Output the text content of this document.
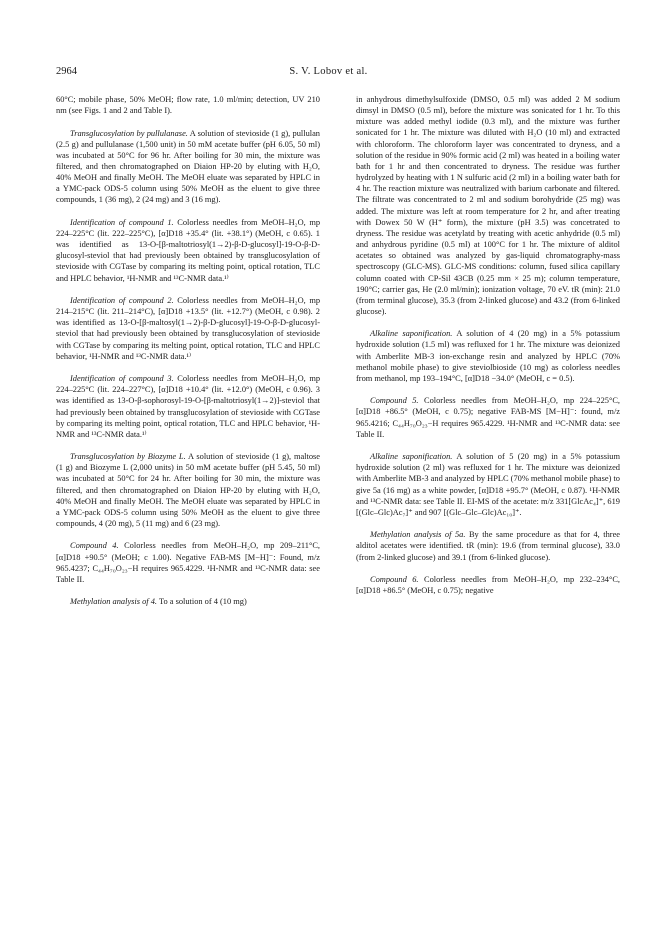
2964	S. V. Lobov et al.

60°C; mobile phase, 50% MeOH; flow rate, 1.0 ml/min; detection, UV 210 nm (see Figs. 1 and 2 and Table I).

Transglucosylation by pullulanase. A solution of stevioside (1 g), pullulan (2.5 g) and pullulanase (1,500 unit) in 50 mM acetate buffer (pH 6.05, 50 ml) was incubated at 50°C for 96 hr. After boiling for 30 min, the mixture was filtered, and then chromatographed on Diaion HP-20 by eluting with H₂O, 40% MeOH and finally MeOH. The MeOH eluate was separated by HPLC in a YMC-pack ODS-5 column using 50% MeOH as the eluent to give three compounds, 1 (36 mg), 2 (24 mg) and 3 (16 mg).

Identification of compound 1. Colorless needles from MeOH–H₂O, mp 224–225°C (lit. 222–225°C), [α]D18 +35.4° (lit. +38.1°) (MeOH, c 0.65). 1 was identified as 13-O-[β-maltotriosyl(1→2)-β-D-glucosyl]-19-O-β-D-glucosyl-steviol that had previously been obtained by transglucosylation of stevioside with CGTase by comparing its melting point, optical rotation, TLC and HPLC behavior, ¹H-NMR and ¹³C-NMR data.¹⁾

Identification of compound 2. Colorless needles from MeOH–H₂O, mp 214–215°C (lit. 211–214°C), [α]D18 +13.5° (lit. +12.7°) (MeOH, c 0.98). 2 was identified as 13-O-[β-maltosyl(1→2)-β-D-glucosyl]-19-O-β-D-glucosyl-steviol that had previously been obtained by transglucosylation of stevioside with CGTase by comparing its melting point, optical rotation, TLC and HPLC behavior, ¹H-NMR and ¹³C-NMR data.¹⁾

Identification of compound 3. Colorless needles from MeOH–H₂O, mp 224–225°C (lit. 224–227°C), [α]D18 +10.4° (lit. +12.0°) (MeOH, c 0.96). 3 was identified as 13-O-β-sophorosyl-19-O-[β-maltotriosyl(1→2)]-steviol that had previously been obtained by transglucosylation of stevioside with CGTase by comparing its melting point, optical rotation, TLC and HPLC behavior, ¹H-NMR and ¹³C-NMR data.¹⁾

Transglucosylation by Biozyme L. A solution of stevioside (1 g), maltose (1 g) and Biozyme L (2,000 units) in 50 mM acetate buffer (pH 5.45, 50 ml) was incubated at 50°C for 24 hr. After boiling for 30 min, the mixture was filtered, and then chromatographed on Diaion HP-20 by eluting with H₂O, 40% MeOH and finally MeOH. The MeOH eluate was separated by HPLC in a YMC-pack ODS-5 column using 50% MeOH as the eluent to give three compounds, 4 (20 mg), 5 (11 mg) and 6 (23 mg).

Compound 4. Colorless needles from MeOH–H₂O, mp 209–211°C, [α]D18 +90.5° (MeOH; c 1.00). Negative FAB-MS [M−H]⁻: Found, m/z 965.4237; C₄₄H₇₀O₂₃−H requires 965.4229. ¹H-NMR and ¹³C-NMR data: see Table II.

Methylation analysis of 4. To a solution of 4 (10 mg)

in anhydrous dimethylsulfoxide (DMSO, 0.5 ml) was added 2 M sodium dimsyl in DMSO (0.5 ml), before the mixture was sonicated for 1 hr. To this mixture was added methyl iodide (0.3 ml), and the mixture was further sonicated for 1 hr. The mixture was diluted with H₂O (10 ml) and extracted with chloroform. The chloroform layer was concentrated to dryness, and a solution of the residue in 90% formic acid (2 ml) was heated in a boiling water bath for 1 hr and then concentrated to dryness. The residue was further hydrolyzed by heating with 1 N sulfuric acid (2 ml) in a boiling water bath for 4 hr. The reaction mixture was neutralized with barium carbonate and filtered. The filtrate was concentrated to 2 ml and sodium borohydride (25 mg) was added. The mixture was left at room temperature for 2 hr, and after treating with Dowex 50 W (H⁺ form), the mixture (pH 3.5) was concetrated to dryness. The residue was acetylatd by treating with acetic anhydride (0.5 ml) and anhydrous pyridine (0.5 ml) at 100°C for 1 hr. The mixture of alditol acetates so obtained was analyzed by gas-liquid chromatography-mass spectroscopy (GLC-MS). GLC-MS conditions: column, fused silica capillary column coated with CP-Sil 43CB (0.25 mm × 25 m); column temperature, 190°C; carrier gas, He (2.0 ml/min); ionization voltage, 70 eV. tR (min): 21.0 (from terminal glucose), 35.3 (from 2-linked glucose) and 43.2 (from 6-linked glucose).

Alkaline saponification. A solution of 4 (20 mg) in a 5% potassium hydroxide solution (1.5 ml) was refluxed for 1 hr. The mixture was deionized with Amberlite MB-3 ion-exchange resin and analyzed by HPLC (70% methanol mobile phase) to give steviolbioside (10 mg) as colorless needles from methanol, mp 193–194°C, [α]D18 −34.0° (MeOH, c = 0.5).

Compound 5. Colorless needles from MeOH–H₂O, mp 224–225°C, [α]D18 +86.5° (MeOH, c 0.75); negative FAB-MS [M−H]⁻: found, m/z 965.4216; C₄₄H₇₀O₂₃−H requires 965.4229. ¹H-NMR and ¹³C-NMR data: see Table II.

Alkaline saponification. A solution of 5 (20 mg) in a 5% potassium hydroxide solution (2 ml) was refluxed for 1 hr. The mixture was deionized with Amberlite MB-3 and analyzed by HPLC (70% methanol mobile phase) to give 5a (16 mg) as a white powder, [α]D18 +95.7° (MeOH, c 0.87). ¹H-NMR and ¹³C-NMR data: see Table II. EI-MS of the acetate: m/z 331[GlcAc₄]⁺, 619 [(Glc–Glc)Ac₇]⁺ and 907 [(Glc–Glc–Glc)Ac₁₀]⁺.

Methylation analysis of 5a. By the same procedure as that for 4, three alditol acetates were identified. tR (min): 19.6 (from terminal glucose), 33.0 (from 2-linked glucose) and 39.1 (from 6-linked glucose).

Compound 6. Colorless needles from MeOH–H₂O, mp 232–234°C, [α]D18 +86.5° (MeOH, c 0.75); negative
